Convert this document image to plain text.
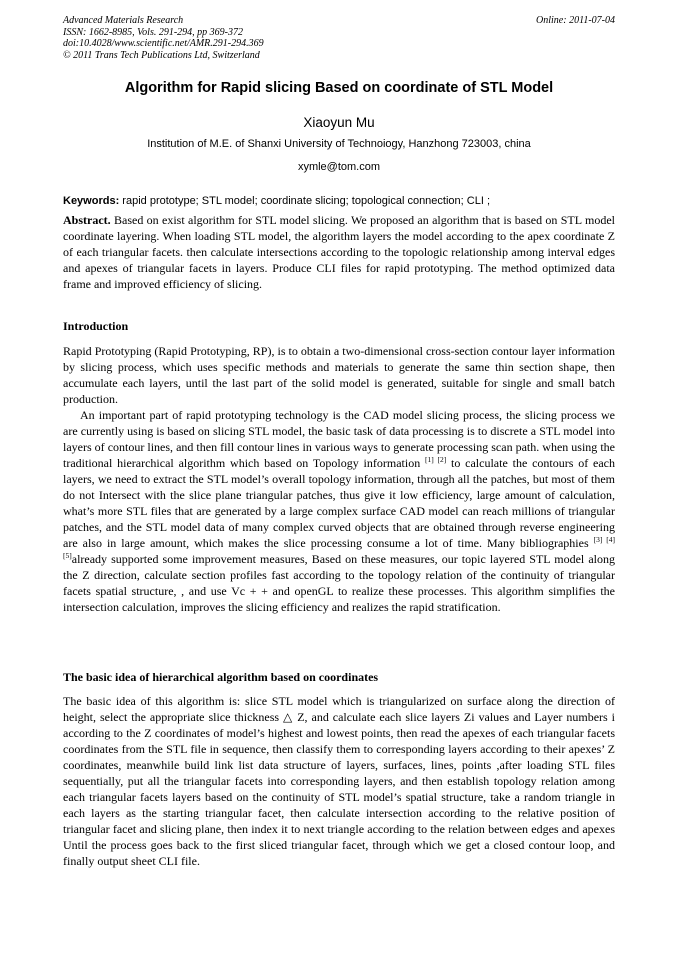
Advanced Materials Research
ISSN: 1662-8985, Vols. 291-294, pp 369-372
doi:10.4028/www.scientific.net/AMR.291-294.369
© 2011 Trans Tech Publications Ltd, Switzerland
Online: 2011-07-04
Algorithm for Rapid slicing Based on coordinate of STL Model
Xiaoyun Mu
Institution of M.E. of Shanxi University of Technoiogy, Hanzhong 723003, china
xymle@tom.com
Keywords: rapid prototype; STL model; coordinate slicing; topological connection; CLI ;
Abstract. Based on exist algorithm for STL model slicing. We proposed an algorithm that is based on STL model coordinate layering. When loading STL model, the algorithm layers the model according to the apex coordinate Z of each triangular facets. then calculate intersections according to the topologic relationship among interval edges and apexes of triangular facets in layers. Produce CLI files for rapid prototyping. The method optimized data frame and improved efficiency of slicing.
Introduction
Rapid Prototyping (Rapid Prototyping, RP), is to obtain a two-dimensional cross-section contour layer information by slicing process, which uses specific methods and materials to generate the same thin section shape, then accumulate each layers, until the last part of the solid model is generated, suitable for single and small batch production.
An important part of rapid prototyping technology is the CAD model slicing process, the slicing process we are currently using is based on slicing STL model, the basic task of data processing is to discrete a STL model into layers of contour lines, and then fill contour lines in various ways to generate processing scan path. when using the traditional hierarchical algorithm which based on Topology information [1] [2] to calculate the contours of each layers, we need to extract the STL model’s overall topology information, through all the patches, but most of them do not Intersect with the slice plane triangular patches, thus give it low efficiency, large amount of calculation, what’s more STL files that are generated by a large complex surface CAD model can reach millions of triangular patches, and the STL model data of many complex curved objects that are obtained through reverse engineering are also in large amount, which makes the slice processing consume a lot of time. Many bibliographies [3] [4] [5]already supported some improvement measures, Based on these measures, our topic layered STL model along the Z direction, calculate section profiles fast according to the topology relation of the continuity of triangular facets spatial structure, , and use Vc + + and openGL to realize these processes. This algorithm simplifies the intersection calculation, improves the slicing efficiency and realizes the rapid stratification.
The basic idea of hierarchical algorithm based on coordinates
The basic idea of this algorithm is: slice STL model which is triangularized on surface along the direction of height, select the appropriate slice thickness △ Z, and calculate each slice layers Zi values and Layer numbers i according to the Z coordinates of model’s highest and lowest points, then read the apexes of each triangular facets coordinates from the STL file in sequence, then classify them to corresponding layers according to their apexes’ Z coordinates, meanwhile build link list data structure of layers, surfaces, lines, points ,after loading STL files sequentially, put all the triangular facets into corresponding layers, and then establish topology relation among each triangular facets layers based on the continuity of STL model’s spatial structure, take a random triangle in each layers as the starting triangular facet, then calculate intersection according to the relative position of triangular facet and slicing plane, then index it to next triangle according to the relation between edges and apexes Until the process goes back to the first sliced triangular facet, through which we get a closed contour loop, and finally output sheet CLI file.
